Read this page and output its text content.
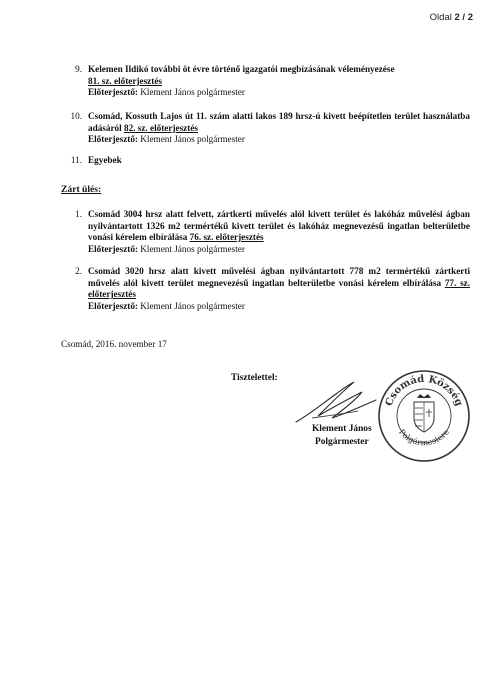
Oldal 2 / 2
9. Kelemen Ildikó további öt évre történő igazgatói megbízásának véleményezése
81. sz. előterjesztés
Előterjesztő: Klement János polgármester
10. Csomád, Kossuth Lajos út 11. szám alatti lakos 189 hrsz-ú kivett beépítetlen terület használatba adásáról 82. sz. előterjesztés
Előterjesztő: Klement János polgármester
11. Egyebek
Zárt ülés:
1. Csomád 3004 hrsz alatt felvett, zártkerti művelés alól kivett terület és lakóház művelési ágban nyilvántartott 1326 m2 termértékű kivett terület és lakóház megnevezésű ingatlan belterületbe vonási kérelem elbírálása 76. sz. előterjesztés
Előterjesztő: Klement János polgármester
2. Csomád 3020 hrsz alatt kivett művelési ágban nyilvántartott 778 m2 termértékű zártkerti művelés alól kivett terület megnevezésű ingatlan belterületbe vonási kérelem elbírálása 77. sz. előterjesztés
Előterjesztő: Klement János polgármester
Csomád, 2016. november 17
Tisztelettel:
Csomád Község
Polgármestere
Klement János
Polgármester
